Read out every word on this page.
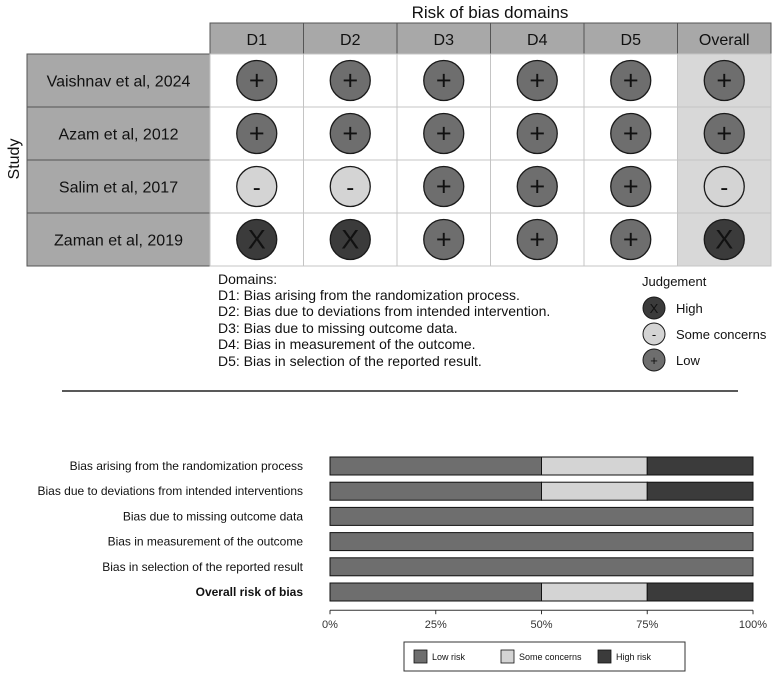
Risk of bias domains
Study
D1	D2	D3	D4	D5	Overall
Vaishnav et al, 2024 +	+	+	+	+	+
Azam et al, 2012	+	+	+	+	+	+
Salim et al, 2017	-	-	+	+	+	-
Zaman et al, 2019 X	X	+	+	+	X
Domains:
D1: Bias arising from the randomization process.
D2: Bias due to deviations from intended intervention.
D3: Bias due to missing outcome data.
D4: Bias in measurement of the outcome.
D5: Bias in selection of the reported result.
Judgement
X High
- Some concerns
+ Low
Bias arising from the randomization process
Bias due to deviations from intended interventions
Bias due to missing outcome data
Bias in measurement of the outcome
Bias in selection of the reported result
Overall risk of bias
0%	25%	50%	75%	100%
Low risk	Some concerns	High risk
